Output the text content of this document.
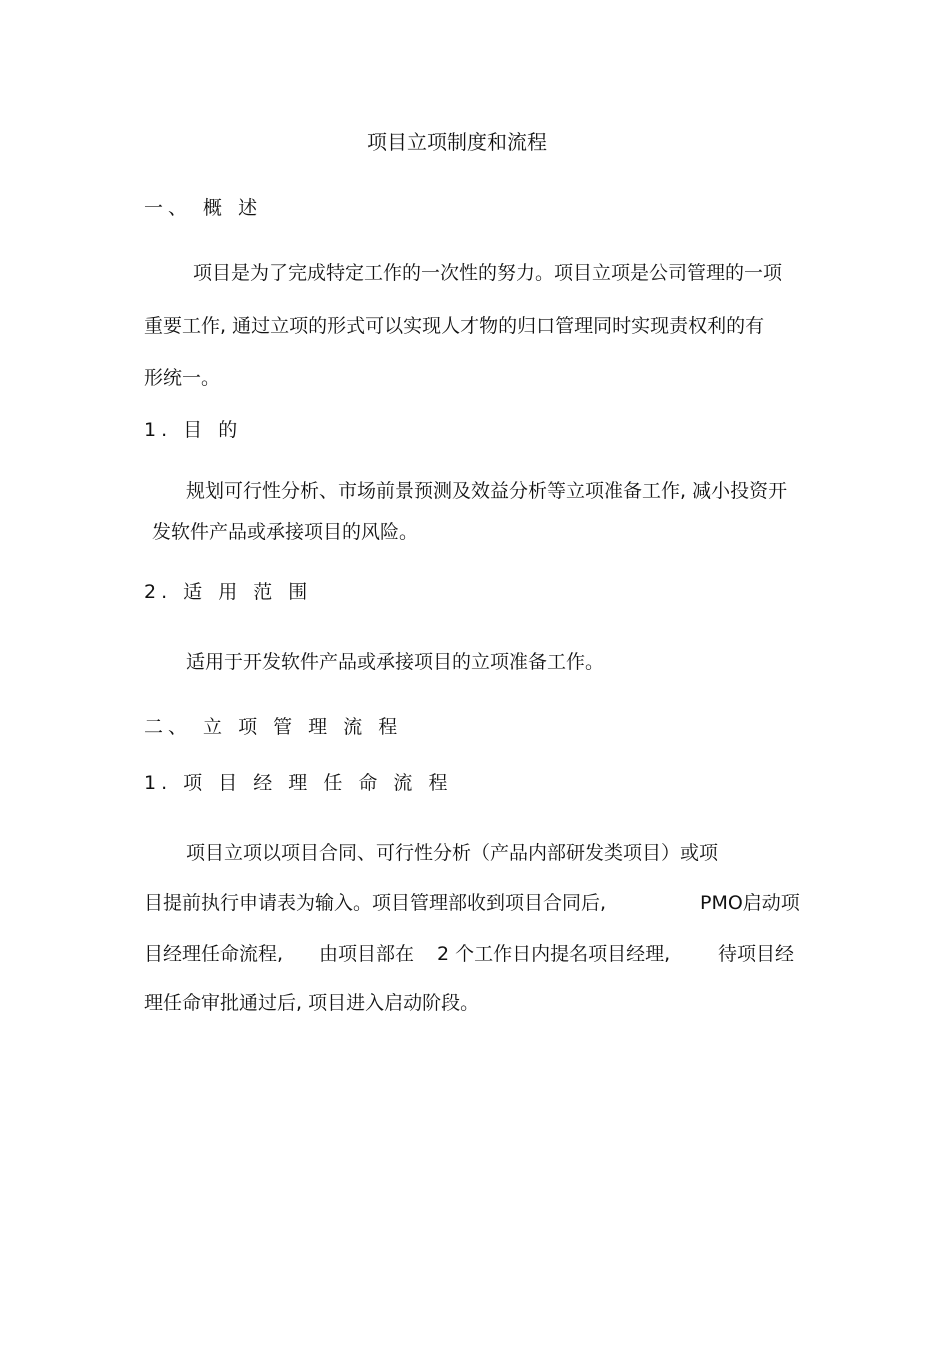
项目立项制度和流程
一、 概 述
项目是为了完成特定工作的一次性的努力。项目立项是公司管理的一项
重要工作, 通过立项的形式可以实现人才物的归口管理同时实现责权利的有
形统一。
1. 目 的
规划可行性分析、市场前景预测及效益分析等立项准备工作, 减小投资开
发软件产品或承接项目的风险。
2. 适 用 范 围
适用于开发软件产品或承接项目的立项准备工作。
二、 立 项 管 理 流 程
1. 项 目 经 理 任 命 流 程
项目立项以项目合同、可行性分析（产品内部研发类项目）或项
目提前执行申请表为输入。项目管理部收到项目合同后,	PMO启动项
目经理任命流程, 由项目部在 2 个工作日内提名项目经理,	待项目经
理任命审批通过后, 项目进入启动阶段。
